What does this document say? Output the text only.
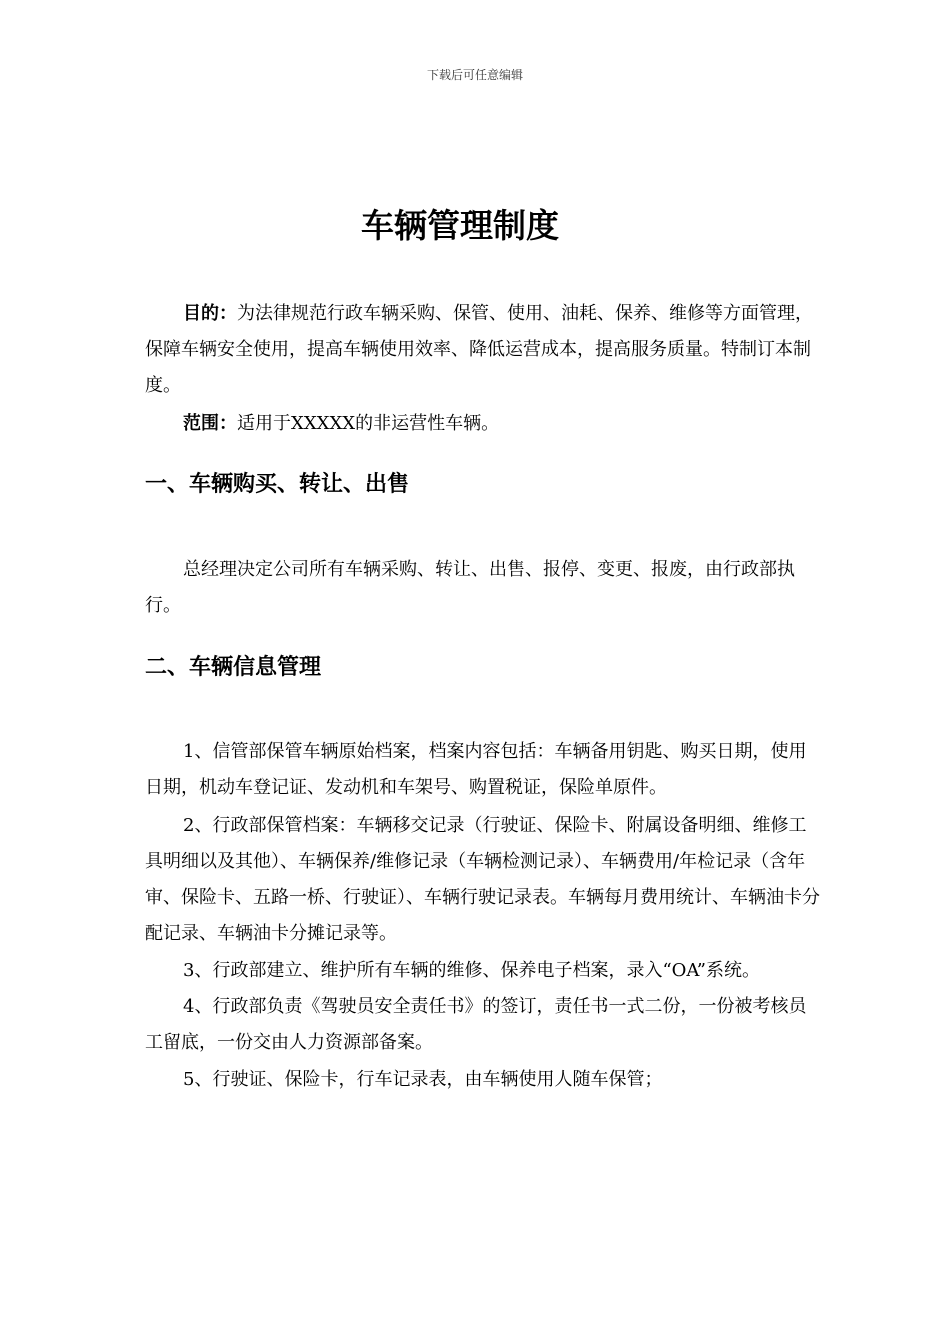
下载后可任意编辑
车辆管理制度

目的：为法律规范行政车辆采购、保管、使用、油耗、保养、维修等方面管理，保障车辆安全使用，提高车辆使用效率、降低运营成本，提高服务质量。特制订本制度。

范围：适用于XXXXX的非运营性车辆。

一、车辆购买、转让、出售

总经理决定公司所有车辆采购、转让、出售、报停、变更、报废，由行政部执行。

二、车辆信息管理

1、信管部保管车辆原始档案，档案内容包括：车辆备用钥匙、购买日期，使用日期，机动车登记证、发动机和车架号、购置税证，保险单原件。

2、行政部保管档案：车辆移交记录（行驶证、保险卡、附属设备明细、维修工具明细以及其他）、车辆保养/维修记录（车辆检测记录）、车辆费用/年检记录（含年审、保险卡、五路一桥、行驶证）、车辆行驶记录表。车辆每月费用统计、车辆油卡分配记录、车辆油卡分摊记录等。

3、行政部建立、维护所有车辆的维修、保养电子档案，录入“OA”系统。

4、行政部负责《驾驶员安全责任书》的签订，责任书一式二份，一份被考核员工留底，一份交由人力资源部备案。

5、行驶证、保险卡，行车记录表，由车辆使用人随车保管；
